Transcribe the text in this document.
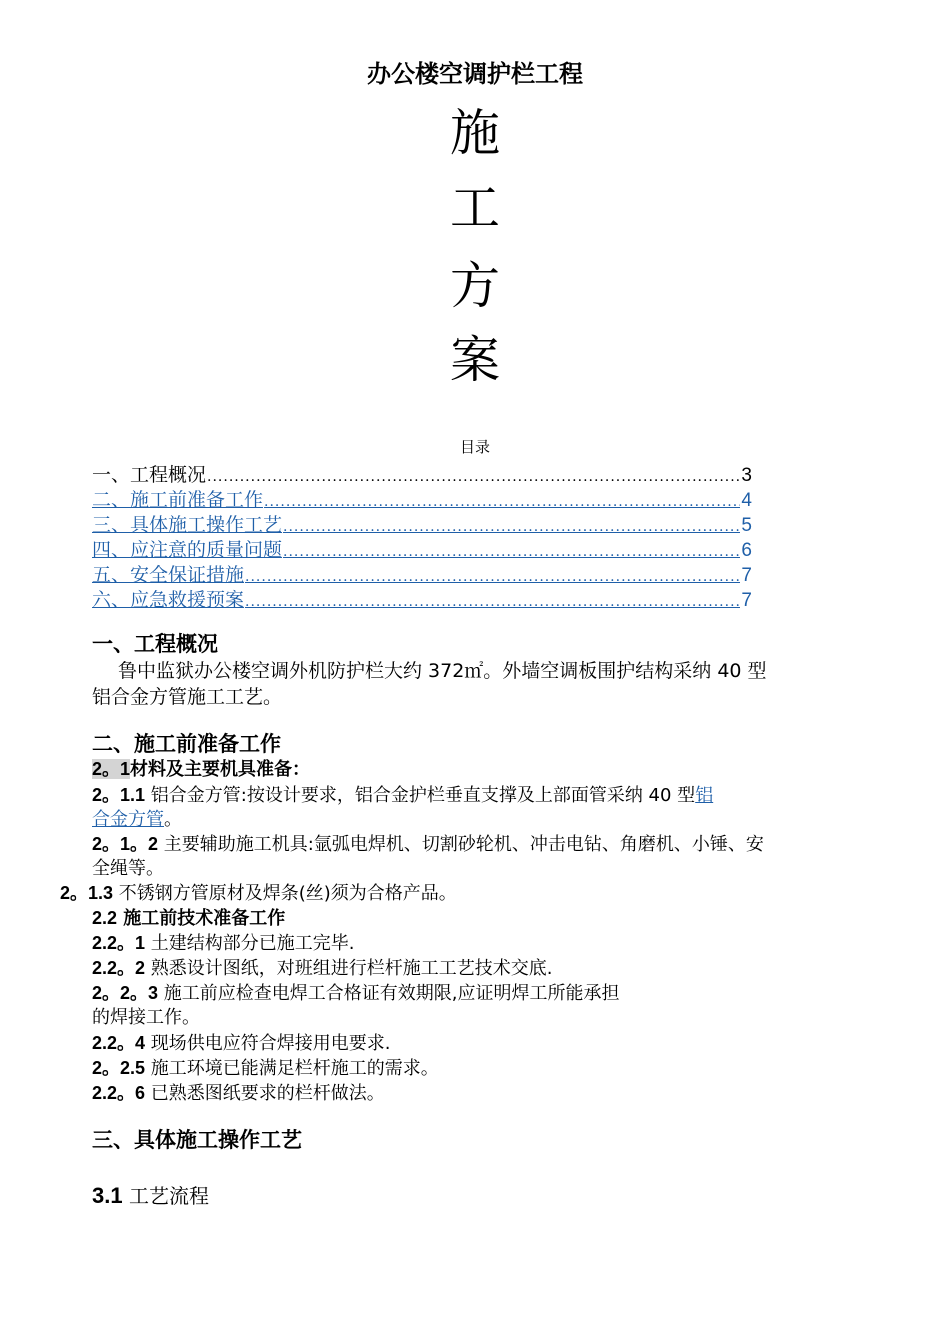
办公楼空调护栏工程
施
工
方
案
目录
一、工程概况 .....	3
二、施工前准备工作 .....	4
三、具体施工操作工艺 .....	5
四、应注意的质量问题 .....	6
五、安全保证措施 .....	7
六、应急救援预案 .....	7
一、工程概况
鲁中监狱办公楼空调外机防护栏大约 372㎡。外墙空调板围护结构采纳 40 型
铝合金方管施工工艺。
二、施工前准备工作
2。1材料及主要机具准备：
2。1.1 铝合金方管:按设计要求，铝合金护栏垂直支撑及上部面管采纳 40 型铝
合金方管。
2。1。2 主要辅助施工机具:氩弧电焊机、切割砂轮机、冲击电钻、角磨机、小锤、安
全绳等。
2。1.3 不锈钢方管原材及焊条(丝)须为合格产品。
2.2 施工前技术准备工作
2.2。1 土建结构部分已施工完毕.
2.2。2 熟悉设计图纸，对班组进行栏杆施工工艺技术交底.
2。2。3 施工前应检查电焊工合格证有效期限,应证明焊工所能承担
的焊接工作。
2.2。4 现场供电应符合焊接用电要求.
2。2.5 施工环境已能满足栏杆施工的需求。
2.2。6 已熟悉图纸要求的栏杆做法。
三、具体施工操作工艺
3.1 工艺流程
